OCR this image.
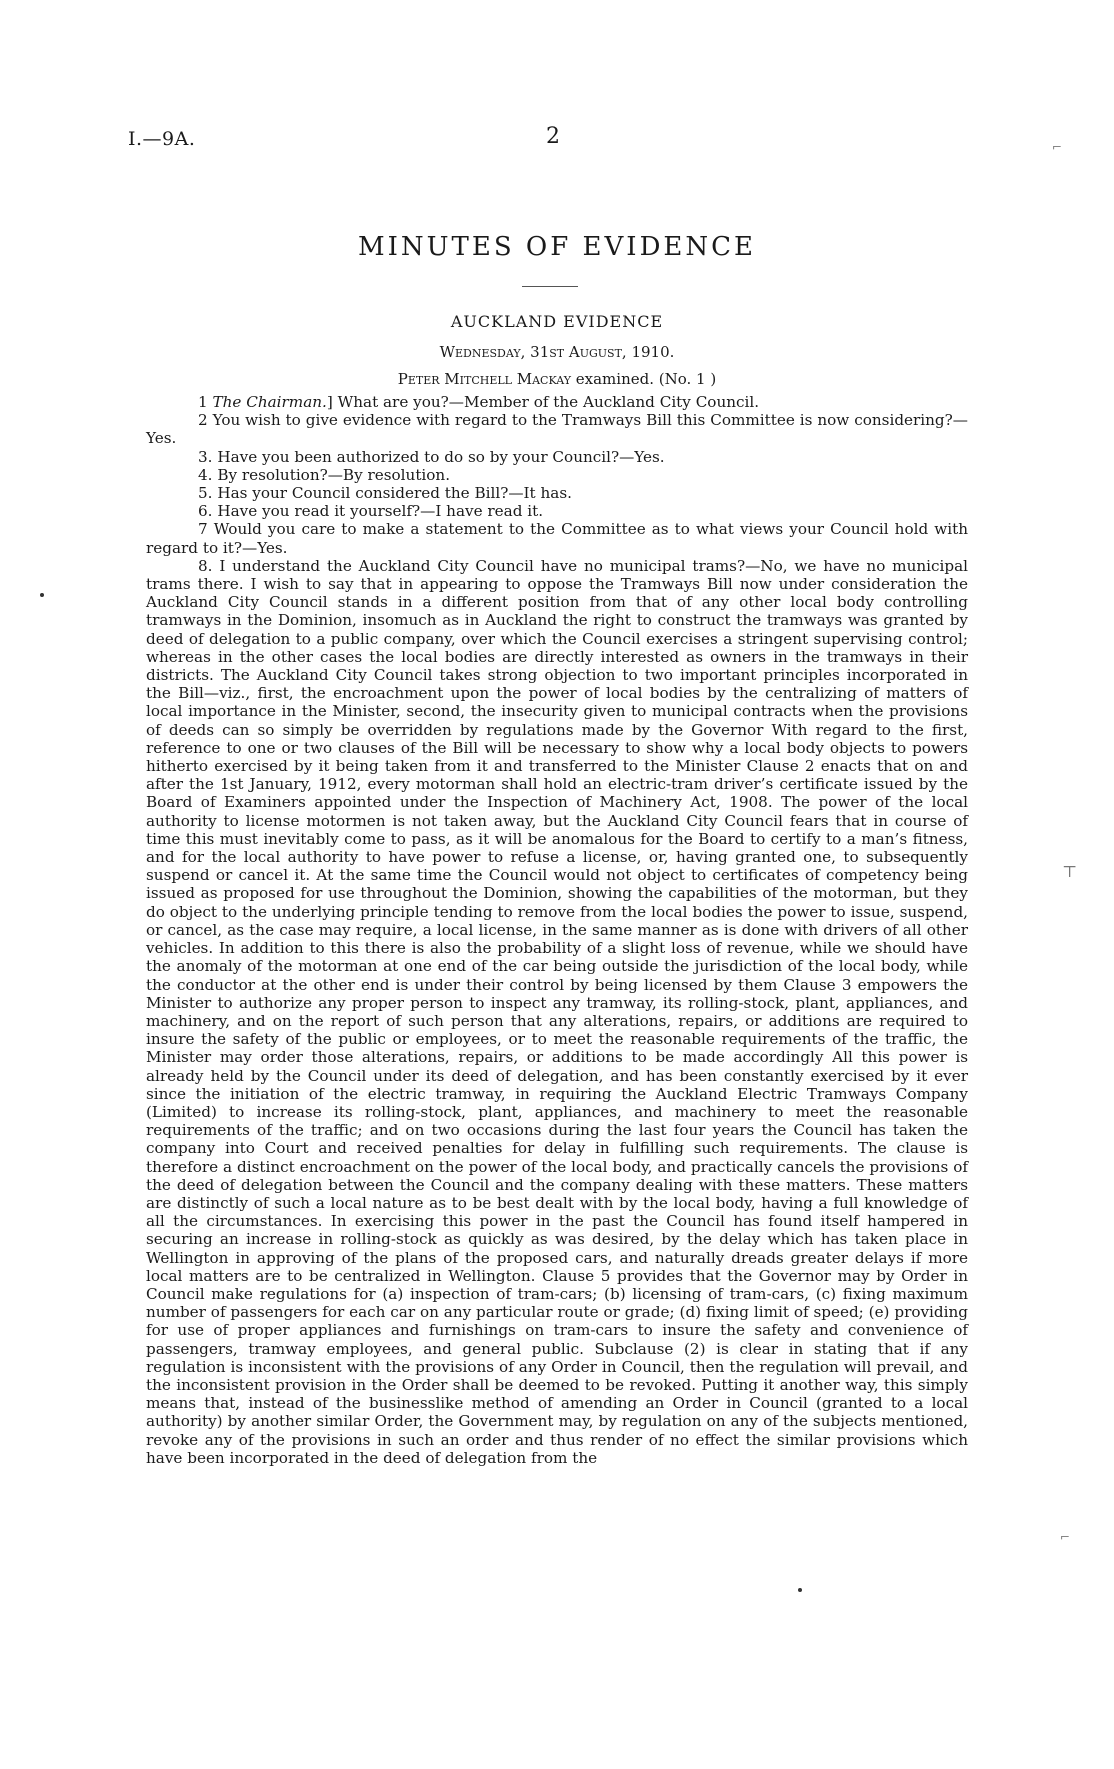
I.—9A.	2
MINUTES OF EVIDENCE
AUCKLAND EVIDENCE
Wednesday, 31st August, 1910.
Peter Mitchell Mackay examined. (No. 1 )

1 The Chairman.] What are you?—Member of the Auckland City Council.

2 You wish to give evidence with regard to the Tramways Bill this Committee is now considering?—Yes.

3. Have you been authorized to do so by your Council?—Yes.

4. By resolution?—By resolution.

5. Has your Council considered the Bill?—It has.

6. Have you read it yourself?—I have read it.

7 Would you care to make a statement to the Committee as to what views your Council hold with regard to it?—Yes.

8. I understand the Auckland City Council have no municipal trams?—No, we have no municipal trams there. I wish to say that in appearing to oppose the Tramways Bill now under consideration the Auckland City Council stands in a different position from that of any other local body controlling tramways in the Dominion, insomuch as in Auckland the right to construct the tramways was granted by deed of delegation to a public company, over which the Council exercises a stringent supervising control; whereas in the other cases the local bodies are directly interested as owners in the tramways in their districts. The Auckland City Council takes strong objection to two important principles incorporated in the Bill—viz., first, the encroachment upon the power of local bodies by the centralizing of matters of local importance in the Minister, second, the insecurity given to municipal contracts when the provisions of deeds can so simply be overridden by regulations made by the Governor With regard to the first, reference to one or two clauses of the Bill will be necessary to show why a local body objects to powers hitherto exercised by it being taken from it and transferred to the Minister Clause 2 enacts that on and after the 1st January, 1912, every motorman shall hold an electric-tram driver’s certificate issued by the Board of Examiners appointed under the Inspection of Machinery Act, 1908. The power of the local authority to license motormen is not taken away, but the Auckland City Council fears that in course of time this must inevitably come to pass, as it will be anomalous for the Board to certify to a man’s fitness, and for the local authority to have power to refuse a license, or, having granted one, to subsequently suspend or cancel it. At the same time the Council would not object to certificates of competency being issued as proposed for use throughout the Dominion, showing the capabilities of the motorman, but they do object to the underlying principle tending to remove from the local bodies the power to issue, suspend, or cancel, as the case may require, a local license, in the same manner as is done with drivers of all other vehicles. In addition to this there is also the probability of a slight loss of revenue, while we should have the anomaly of the motorman at one end of the car being outside the jurisdiction of the local body, while the conductor at the other end is under their control by being licensed by them Clause 3 empowers the Minister to authorize any proper person to inspect any tramway, its rolling-stock, plant, appliances, and machinery, and on the report of such person that any alterations, repairs, or additions are required to insure the safety of the public or employees, or to meet the reasonable requirements of the traffic, the Minister may order those alterations, repairs, or additions to be made accordingly All this power is already held by the Council under its deed of delegation, and has been constantly exercised by it ever since the initiation of the electric tramway, in requiring the Auckland Electric Tramways Company (Limited) to increase its rolling-stock, plant, appliances, and machinery to meet the reasonable requirements of the traffic; and on two occasions during the last four years the Council has taken the company into Court and received penalties for delay in fulfilling such requirements. The clause is therefore a distinct encroachment on the power of the local body, and practically cancels the provisions of the deed of delegation between the Council and the company dealing with these matters. These matters are distinctly of such a local nature as to be best dealt with by the local body, having a full knowledge of all the circumstances. In exercising this power in the past the Council has found itself hampered in securing an increase in rolling-stock as quickly as was desired, by the delay which has taken place in Wellington in approving of the plans of the proposed cars, and naturally dreads greater delays if more local matters are to be centralized in Wellington. Clause 5 provides that the Governor may by Order in Council make regulations for (a) inspection of tram-cars; (b) licensing of tram-cars, (c) fixing maximum number of passengers for each car on any particular route or grade; (d) fixing limit of speed; (e) providing for use of proper appliances and furnishings on tram-cars to insure the safety and convenience of passengers, tramway employees, and general public. Subclause (2) is clear in stating that if any regulation is inconsistent with the provisions of any Order in Council, then the regulation will prevail, and the inconsistent provision in the Order shall be deemed to be revoked. Putting it another way, this simply means that, instead of the businesslike method of amending an Order in Council (granted to a local authority) by another similar Order, the Government may, by regulation on any of the subjects mentioned, revoke any of the provisions in such an order and thus render of no effect the similar provisions which have been incorporated in the deed of delegation from the

⌐
⊤
⌐
